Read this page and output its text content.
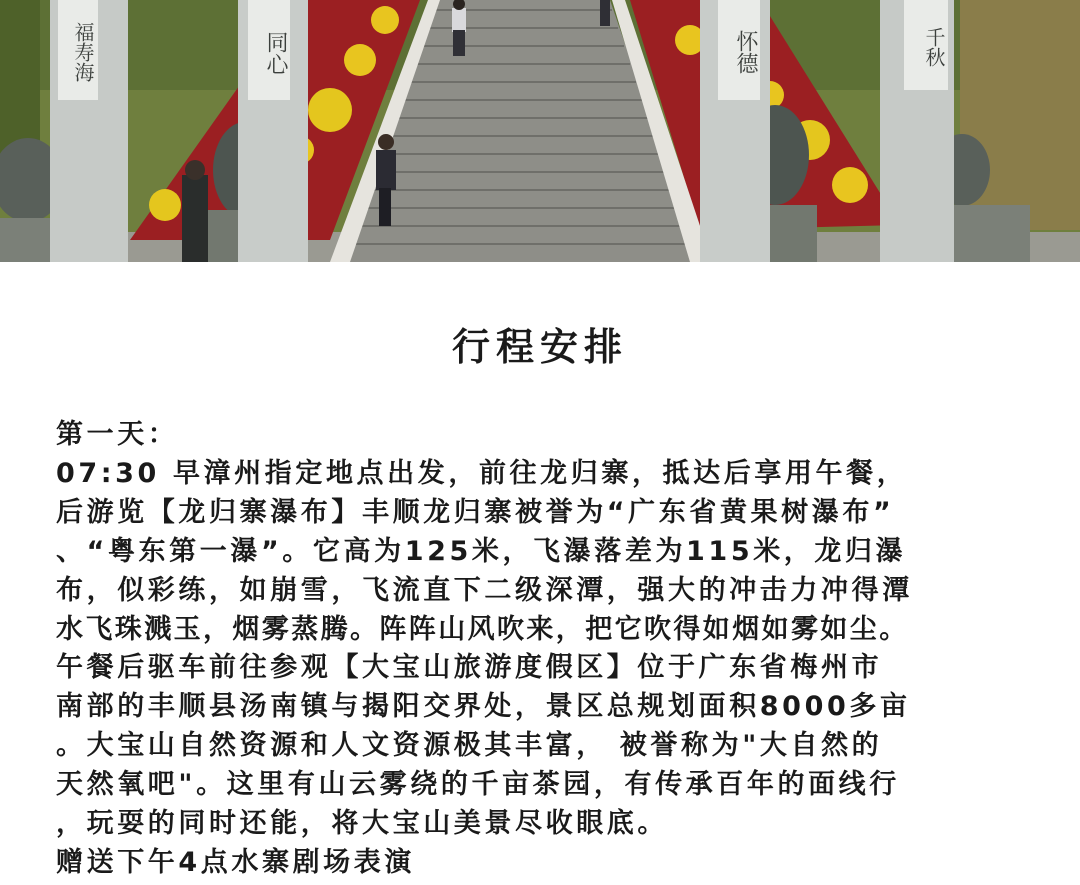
福寿海	同心	怀德	千秋
行程安排
第一天：
07:30 早漳州指定地点出发，前往龙归寨，抵达后享用午餐，
后游览【龙归寨瀑布】丰顺龙归寨被誉为“广东省黄果树瀑布”
、“粤东第一瀑”。它高为125米，飞瀑落差为115米，龙归瀑
布，似彩练，如崩雪，飞流直下二级深潭，强大的冲击力冲得潭
水飞珠溅玉，烟雾蒸腾。阵阵山风吹来，把它吹得如烟如雾如尘。
午餐后驱车前往参观【大宝山旅游度假区】位于广东省梅州市
南部的丰顺县汤南镇与揭阳交界处，景区总规划面积8000多亩
。大宝山自然资源和人文资源极其丰富， 被誉称为"大自然的
天然氧吧"。这里有山云雾绕的千亩茶园，有传承百年的面线行
，玩耍的同时还能，将大宝山美景尽收眼底。
赠送下午4点水寨剧场表演
